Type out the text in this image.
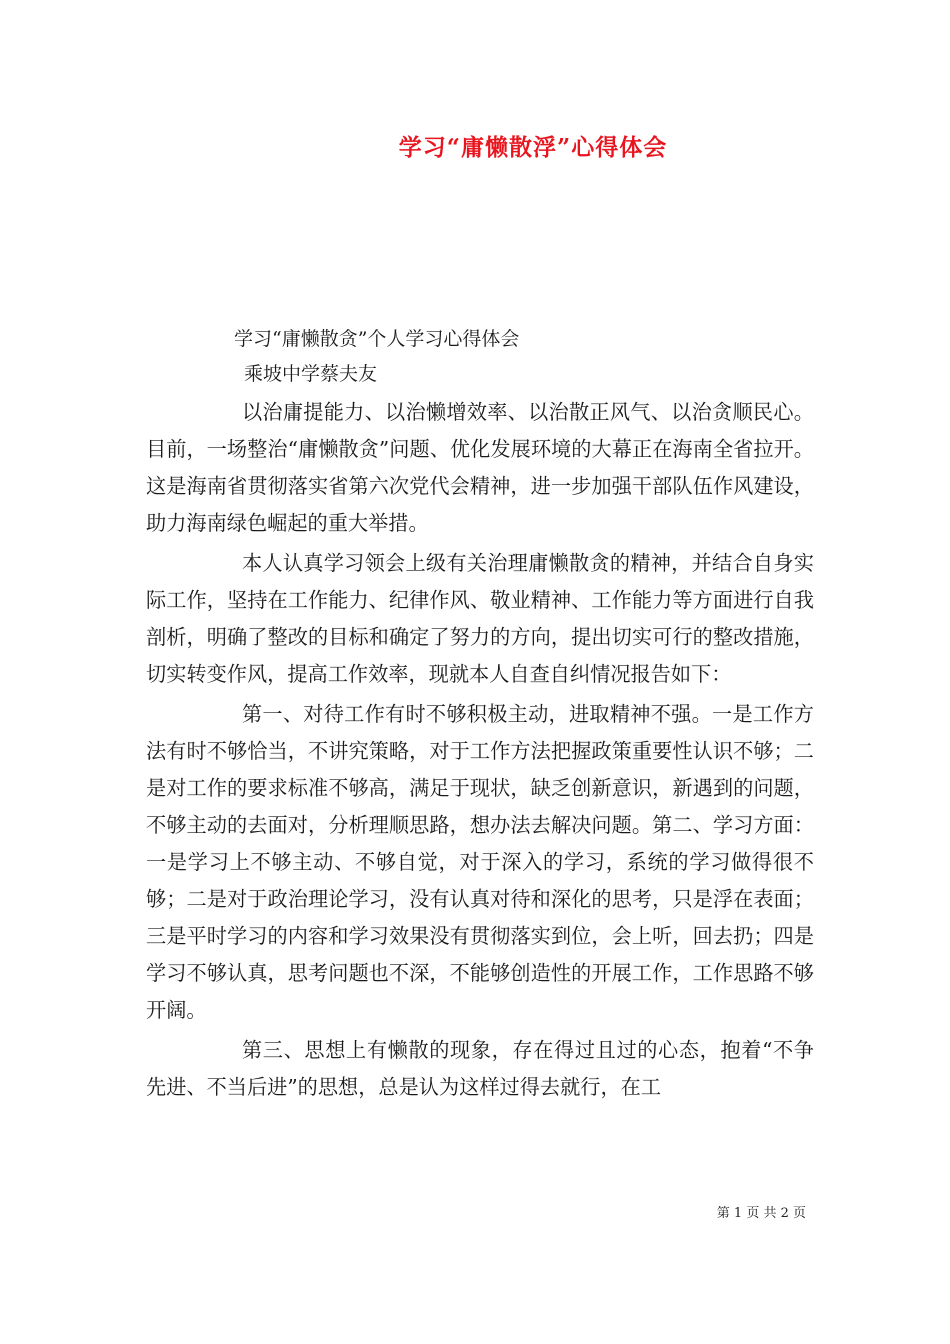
学习“庸懒散浮”心得体会

学习“庸懒散贪”个人学习心得体会

乘坡中学蔡夫友

以治庸提能力、以治懒增效率、以治散正风气、以治贪顺民心。目前，一场整治“庸懒散贪”问题、优化发展环境的大幕正在海南全省拉开。这是海南省贯彻落实省第六次党代会精神，进一步加强干部队伍作风建设，助力海南绿色崛起的重大举措。

本人认真学习领会上级有关治理庸懒散贪的精神，并结合自身实际工作，坚持在工作能力、纪律作风、敬业精神、工作能力等方面进行自我剖析，明确了整改的目标和确定了努力的方向，提出切实可行的整改措施，切实转变作风，提高工作效率，现就本人自查自纠情况报告如下：

第一、对待工作有时不够积极主动，进取精神不强。一是工作方法有时不够恰当，不讲究策略，对于工作方法把握政策重要性认识不够；二是对工作的要求标准不够高，满足于现状，缺乏创新意识，新遇到的问题，不够主动的去面对，分析理顺思路，想办法去解决问题。第二、学习方面：一是学习上不够主动、不够自觉，对于深入的学习，系统的学习做得很不够；二是对于政治理论学习，没有认真对待和深化的思考，只是浮在表面；三是平时学习的内容和学习效果没有贯彻落实到位，会上听，回去扔；四是学习不够认真，思考问题也不深，不能够创造性的开展工作，工作思路不够开阔。

第三、思想上有懒散的现象，存在得过且过的心态，抱着“不争先进、不当后进”的思想，总是认为这样过得去就行，在工

第 1 页 共 2 页
